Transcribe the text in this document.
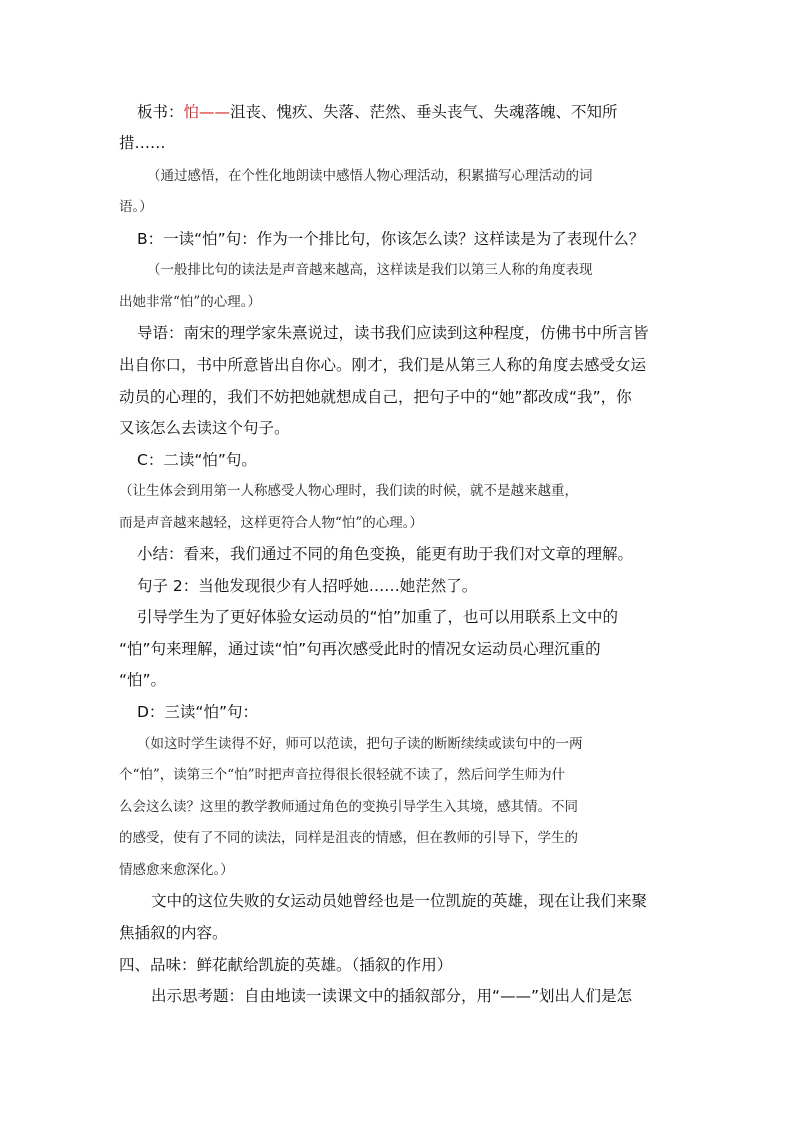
板书：怕——沮丧、愧疚、失落、茫然、垂头丧气、失魂落魄、不知所
措……
（通过感悟，在个性化地朗读中感悟人物心理活动，积累描写心理活动的词
语。）
B：一读“怕”句：作为一个排比句，你该怎么读？这样读是为了表现什么？
（一般排比句的读法是声音越来越高，这样读是我们以第三人称的角度表现
出她非常“怕”的心理。）
导语：南宋的理学家朱熹说过，读书我们应读到这种程度，仿佛书中所言皆
出自你口，书中所意皆出自你心。刚才，我们是从第三人称的角度去感受女运
动员的心理的，我们不妨把她就想成自己，把句子中的“她”都改成“我”，你
又该怎么去读这个句子。
C：二读“怕”句。
（让生体会到用第一人称感受人物心理时，我们读的时候，就不是越来越重，
而是声音越来越轻，这样更符合人物“怕”的心理。）
小结：看来，我们通过不同的角色变换，能更有助于我们对文章的理解。
句子 2：当他发现很少有人招呼她……她茫然了。
引导学生为了更好体验女运动员的“怕”加重了，也可以用联系上文中的
“怕”句来理解，通过读“怕”句再次感受此时的情况女运动员心理沉重的
“怕”。
D：三读“怕”句：
（如这时学生读得不好，师可以范读，把句子读的断断续续或读句中的一两
个“怕”，读第三个“怕”时把声音拉得很长很轻就不读了，然后问学生师为什
么会这么读？这里的教学教师通过角色的变换引导学生入其境，感其情。不同
的感受，使有了不同的读法，同样是沮丧的情感，但在教师的引导下，学生的
情感愈来愈深化。）
文中的这位失败的女运动员她曾经也是一位凯旋的英雄，现在让我们来聚
焦插叙的内容。
四、品味：鲜花献给凯旋的英雄。（插叙的作用）
出示思考题：自由地读一读课文中的插叙部分，用“——”划出人们是怎
